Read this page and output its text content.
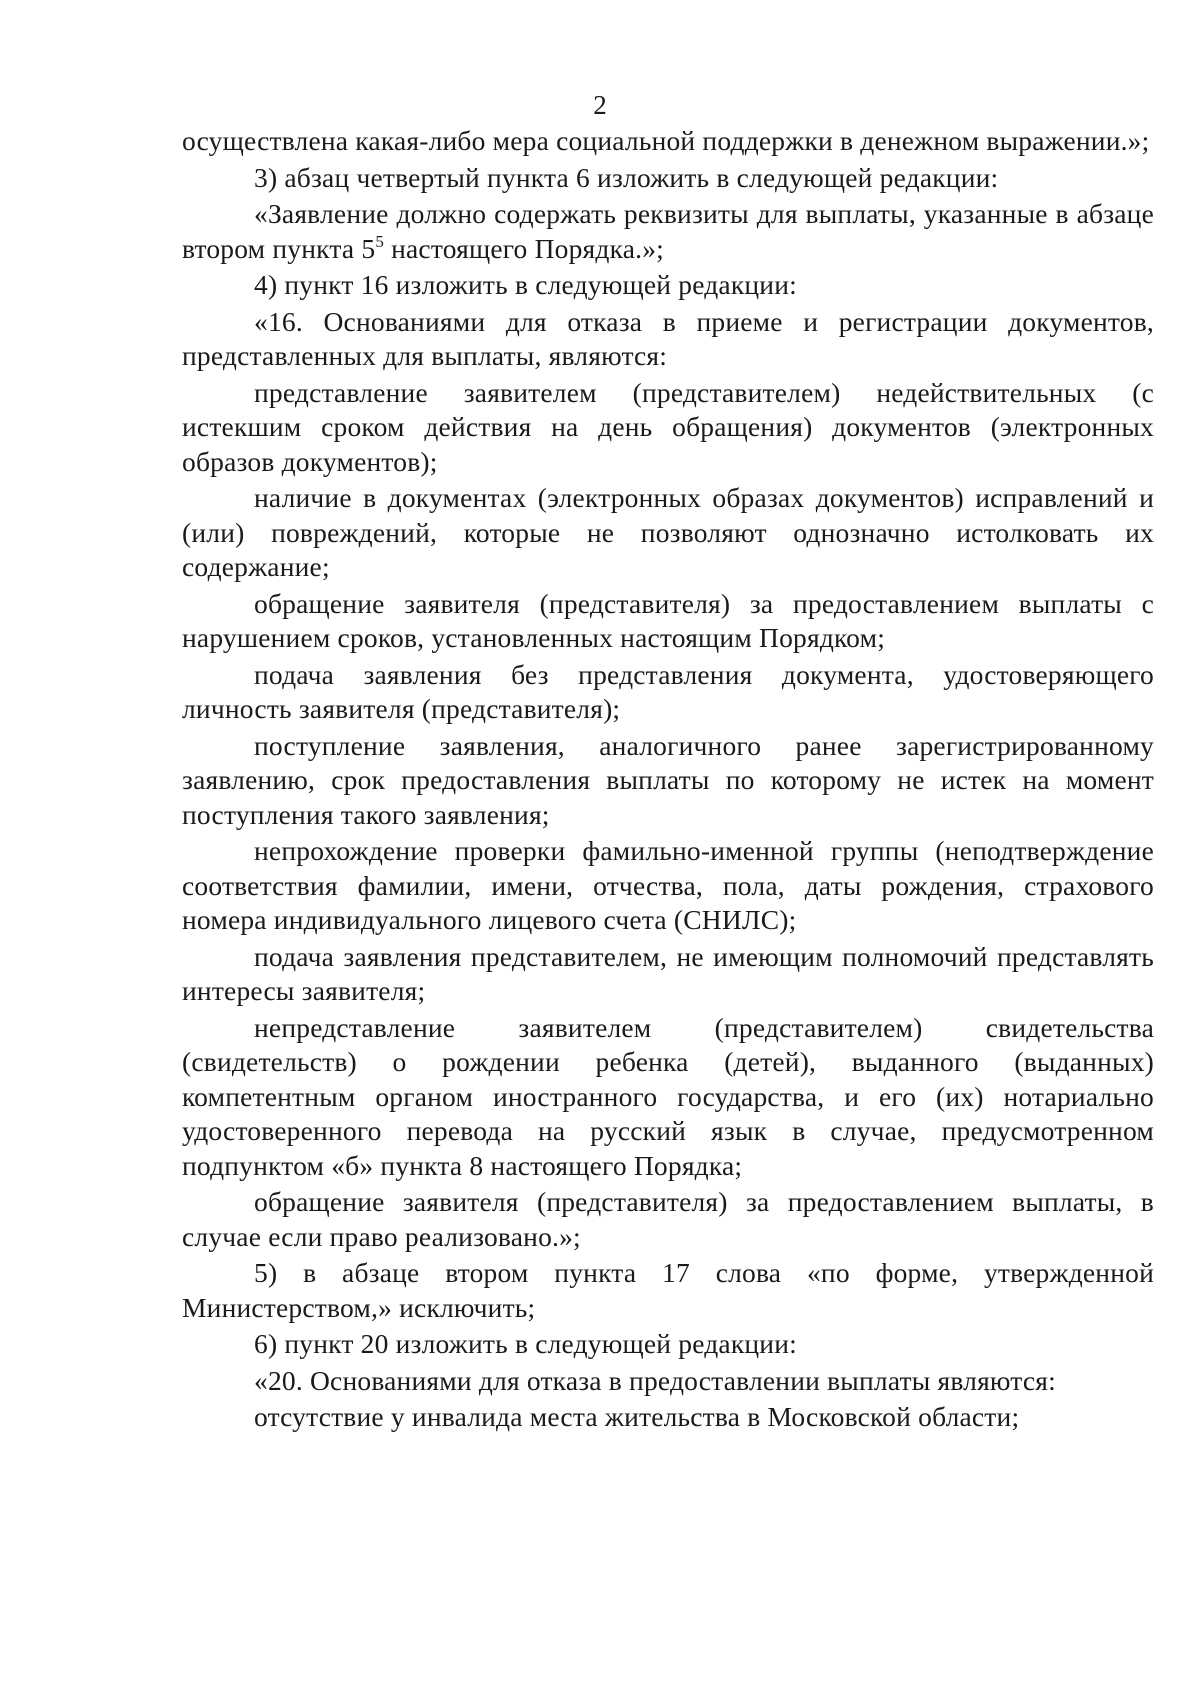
2

осуществлена какая-либо мера социальной поддержки в денежном выражении.»;

3) абзац четвертый пункта 6 изложить в следующей редакции:

«Заявление должно содержать реквизиты для выплаты, указанные в абзаце втором пункта $5^5$ настоящего Порядка.»;

4) пункт 16 изложить в следующей редакции:

«16. Основаниями для отказа в приеме и регистрации документов, представленных для выплаты, являются:

представление заявителем (представителем) недействительных (с истекшим сроком действия на день обращения) документов (электронных образов документов);

наличие в документах (электронных образах документов) исправлений и (или) повреждений, которые не позволяют однозначно истолковать их содержание;

обращение заявителя (представителя) за предоставлением выплаты с нарушением сроков, установленных настоящим Порядком;

подача заявления без представления документа, удостоверяющего личность заявителя (представителя);

поступление заявления, аналогичного ранее зарегистрированному заявлению, срок предоставления выплаты по которому не истек на момент поступления такого заявления;

непрохождение проверки фамильно-именной группы (неподтверждение соответствия фамилии, имени, отчества, пола, даты рождения, страхового номера индивидуального лицевого счета (СНИЛС);

подача заявления представителем, не имеющим полномочий представлять интересы заявителя;

непредставление заявителем (представителем) свидетельства (свидетельств) о рождении ребенка (детей), выданного (выданных) компетентным органом иностранного государства, и его (их) нотариально удостоверенного перевода на русский язык в случае, предусмотренном подпунктом «б» пункта 8 настоящего Порядка;

обращение заявителя (представителя) за предоставлением выплаты, в случае если право реализовано.»;

5) в абзаце втором пункта 17 слова «по форме, утвержденной Министерством,» исключить;

6) пункт 20 изложить в следующей редакции:

«20. Основаниями для отказа в предоставлении выплаты являются:

отсутствие у инвалида места жительства в Московской области;
